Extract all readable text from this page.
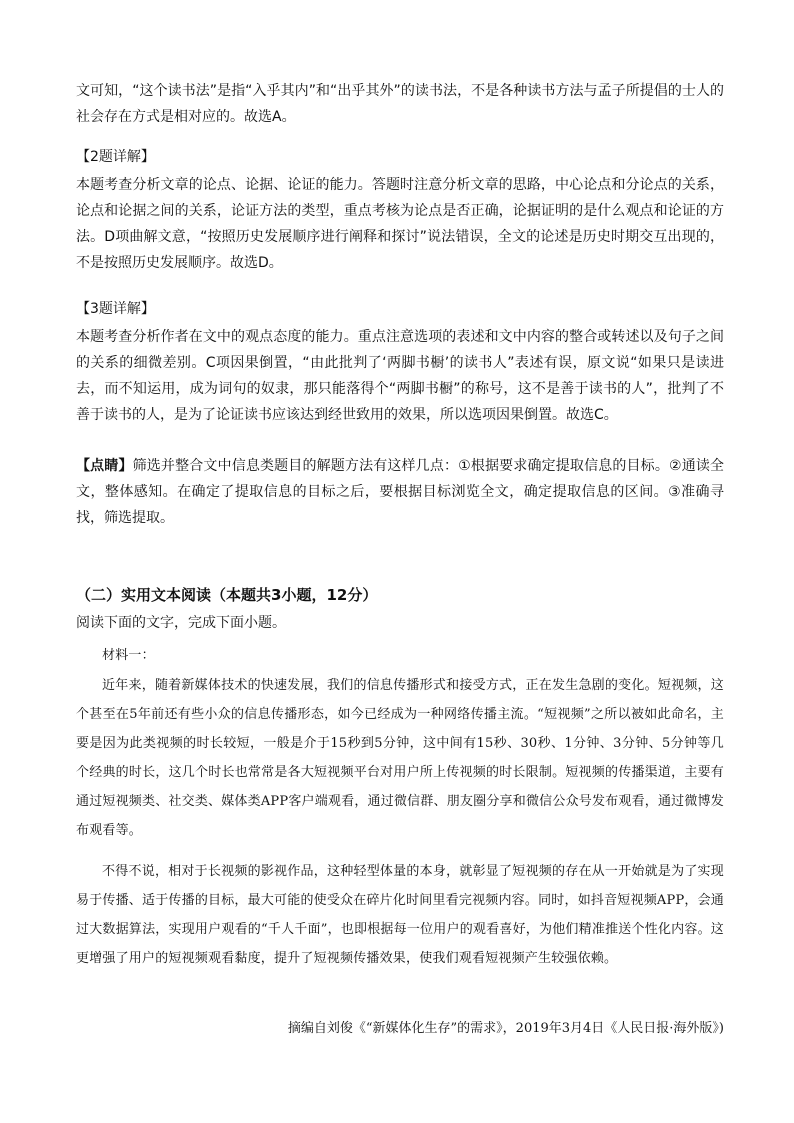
文可知，“这个读书法”是指“入乎其内”和“出乎其外”的读书法，不是各种读书方法与孟子所提倡的士人的社会存在方式是相对应的。故选A。

【2题详解】

本题考查分析文章的论点、论据、论证的能力。答题时注意分析文章的思路，中心论点和分论点的关系，论点和论据之间的关系，论证方法的类型，重点考核为论点是否正确，论据证明的是什么观点和论证的方法。D项曲解文意，“按照历史发展顺序进行阐释和探讨”说法错误，全文的论述是历史时期交互出现的，不是按照历史发展顺序。故选D。

【3题详解】

本题考查分析作者在文中的观点态度的能力。重点注意选项的表述和文中内容的整合或转述以及句子之间的关系的细微差别。C项因果倒置，“由此批判了‘两脚书橱’的读书人”表述有误，原文说“如果只是读进去，而不知运用，成为词句的奴隶，那只能落得个“两脚书橱”的称号，这不是善于读书的人”，批判了不善于读书的人，是为了论证读书应该达到经世致用的效果，所以选项因果倒置。故选C。

【点睛】筛选并整合文中信息类题目的解题方法有这样几点：①根据要求确定提取信息的目标。②通读全文，整体感知。在确定了提取信息的目标之后，要根据目标浏览全文，确定提取信息的区间。③准确寻找，筛选提取。

（二）实用文本阅读（本题共3小题，12分）

阅读下面的文字，完成下面小题。

材料一：

近年来，随着新媒体技术的快速发展，我们的信息传播形式和接受方式，正在发生急剧的变化。短视频，这个甚至在5年前还有些小众的信息传播形态，如今已经成为一种网络传播主流。“短视频”之所以被如此命名，主要是因为此类视频的时长较短，一般是介于15秒到5分钟，这中间有15秒、30秒、1分钟、3分钟、5分钟等几个经典的时长，这几个时长也常常是各大短视频平台对用户所上传视频的时长限制。短视频的传播渠道，主要有通过短视频类、社交类、媒体类APP客户端观看，通过微信群、朋友圈分享和微信公众号发布观看，通过微博发布观看等。

不得不说，相对于长视频的影视作品，这种轻型体量的本身，就彰显了短视频的存在从一开始就是为了实现易于传播、适于传播的目标，最大可能的使受众在碎片化时间里看完视频内容。同时，如抖音短视频APP，会通过大数据算法，实现用户观看的“千人千面”，也即根据每一位用户的观看喜好，为他们精准推送个性化内容。这更增强了用户的短视频观看黏度，提升了短视频传播效果，使我们观看短视频产生较强依赖。

摘编自刘俊《“新媒体化生存”的需求》，2019年3月4日《人民日报·海外版》)
